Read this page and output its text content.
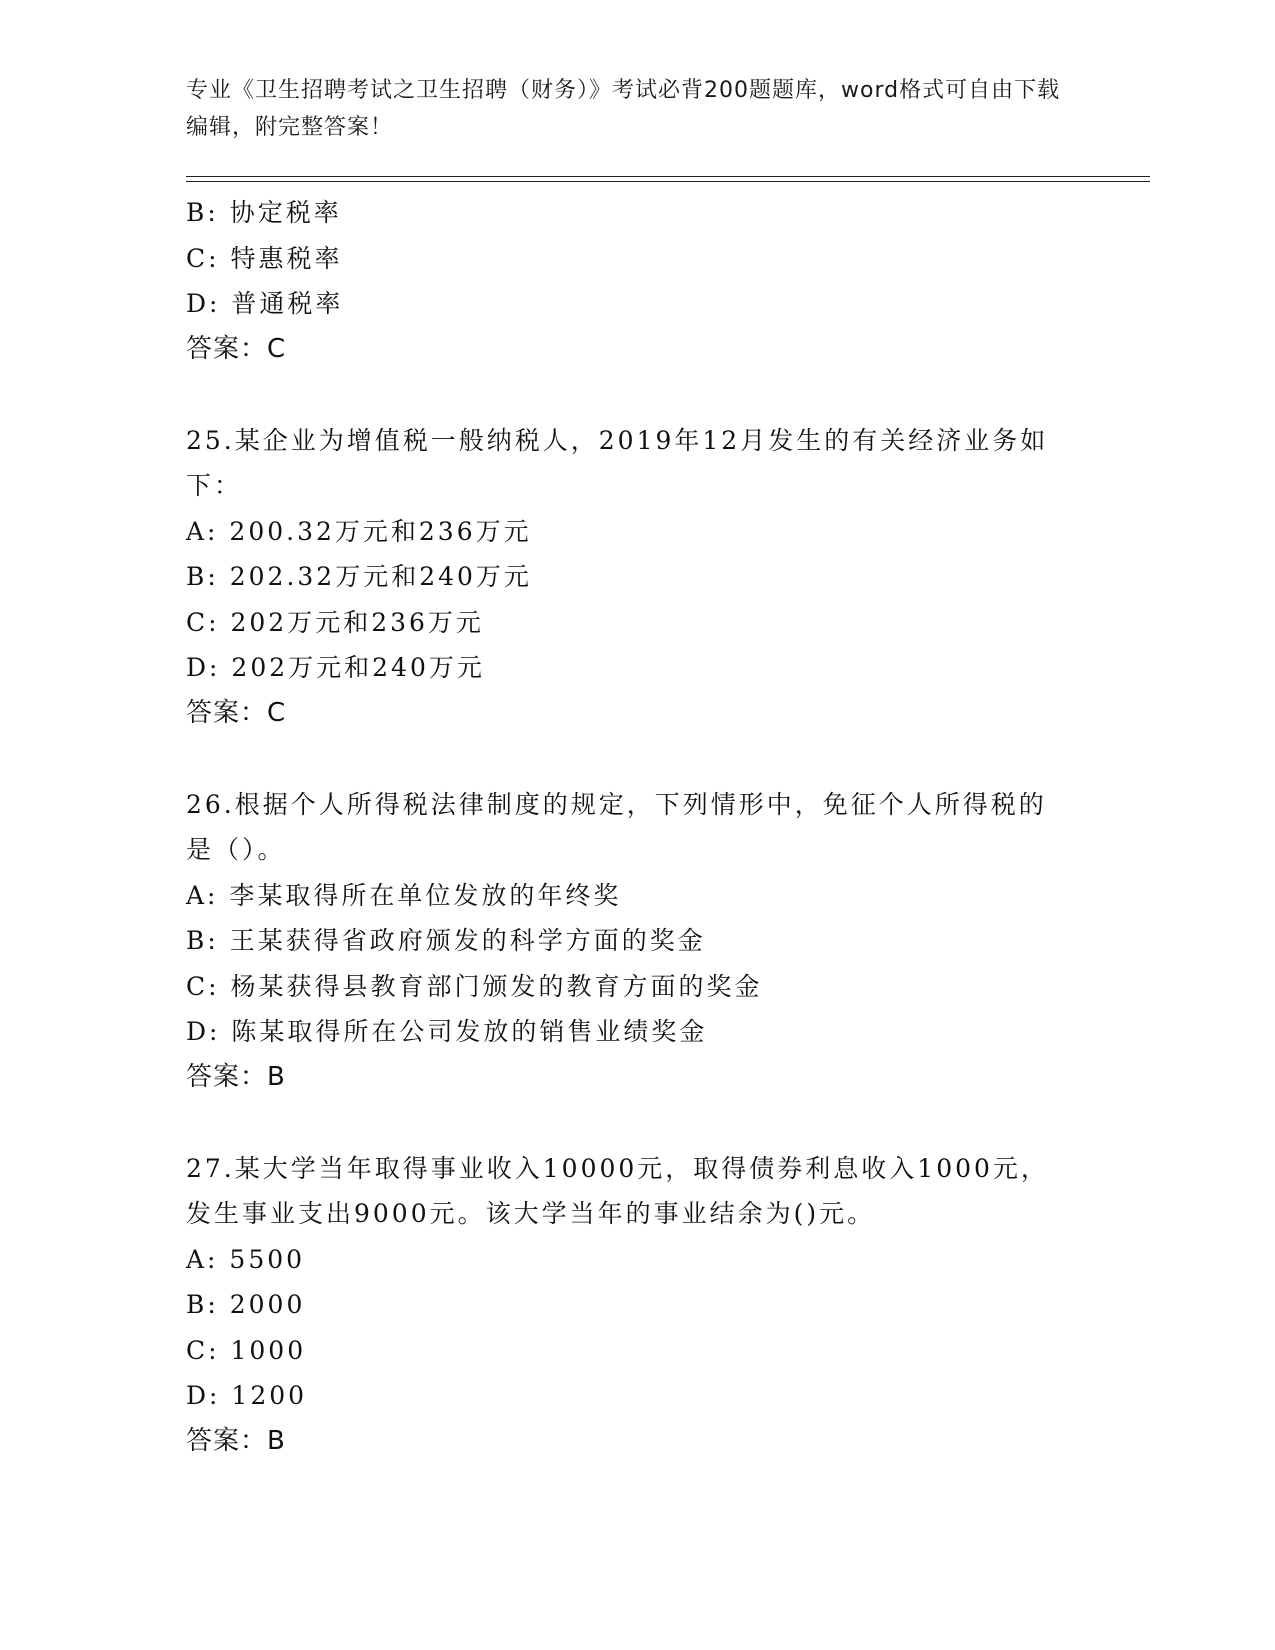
专业《卫生招聘考试之卫生招聘（财务）》考试必背200题题库，word格式可自由下载编辑，附完整答案！
B: 协定税率
C: 特惠税率
D: 普通税率
答案：C
25.某企业为增值税一般纳税人，2019年12月发生的有关经济业务如下：
A: 200.32万元和236万元
B: 202.32万元和240万元
C: 202万元和236万元
D: 202万元和240万元
答案：C
26.根据个人所得税法律制度的规定，下列情形中，免征个人所得税的是（）。
A: 李某取得所在单位发放的年终奖
B: 王某获得省政府颁发的科学方面的奖金
C: 杨某获得县教育部门颁发的教育方面的奖金
D: 陈某取得所在公司发放的销售业绩奖金
答案：B
27.某大学当年取得事业收入10000元，取得债券利息收入1000元，发生事业支出9000元。该大学当年的事业结余为()元。
A: 5500
B: 2000
C: 1000
D: 1200
答案：B
